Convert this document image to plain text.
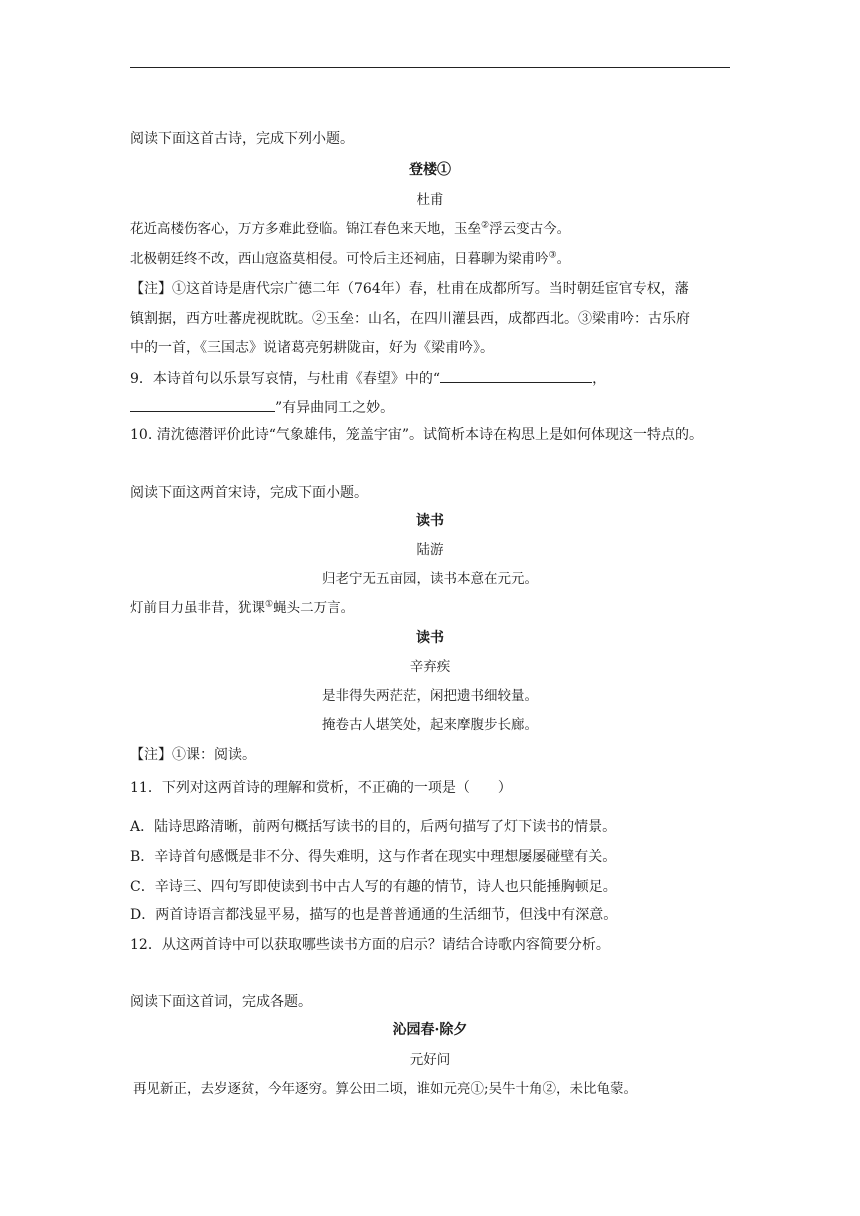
阅读下面这首古诗，完成下列小题。
登楼①
杜甫
花近高楼伤客心，万方多难此登临。锦江春色来天地，玉垒②浮云变古今。
北极朝廷终不改，西山寇盗莫相侵。可怜后主还祠庙，日暮聊为梁甫吟③。
【注】①这首诗是唐代宗广德二年（764年）春，杜甫在成都所写。当时朝廷宦官专权，藩
镇割据，西方吐蕃虎视眈眈。②玉垒：山名，在四川灌县西，成都西北。③梁甫吟：古乐府
中的一首，《三国志》说诸葛亮躬耕陇亩，好为《梁甫吟》。
9．本诗首句以乐景写哀情，与杜甫《春望》中的“	，
”有异曲同工之妙。
10. 清沈德潜评价此诗“气象雄伟，笼盖宇宙”。试简析本诗在构思上是如何体现这一特点的。
阅读下面这两首宋诗，完成下面小题。
读书
陆游
归老宁无五亩园，读书本意在元元。
灯前目力虽非昔，犹课①蝇头二万言。
读书
辛弃疾
是非得失两茫茫，闲把遗书细较量。
掩卷古人堪笑处，起来摩腹步长廊。
【注】①课：阅读。
11．下列对这两首诗的理解和赏析，不正确的一项是（　　）
A．陆诗思路清晰，前两句概括写读书的目的，后两句描写了灯下读书的情景。
B．辛诗首句感慨是非不分、得失难明，这与作者在现实中理想屡屡碰壁有关。
C．辛诗三、四句写即使读到书中古人写的有趣的情节，诗人也只能捶胸顿足。
D．两首诗语言都浅显平易，描写的也是普普通通的生活细节，但浅中有深意。
12．从这两首诗中可以获取哪些读书方面的启示？请结合诗歌内容简要分析。
阅读下面这首词，完成各题。
沁园春·除夕
元好问
再见新正，去岁逐贫，今年逐穷。算公田二顷，谁如元亮①;吴牛十角②，未比龟蒙。
